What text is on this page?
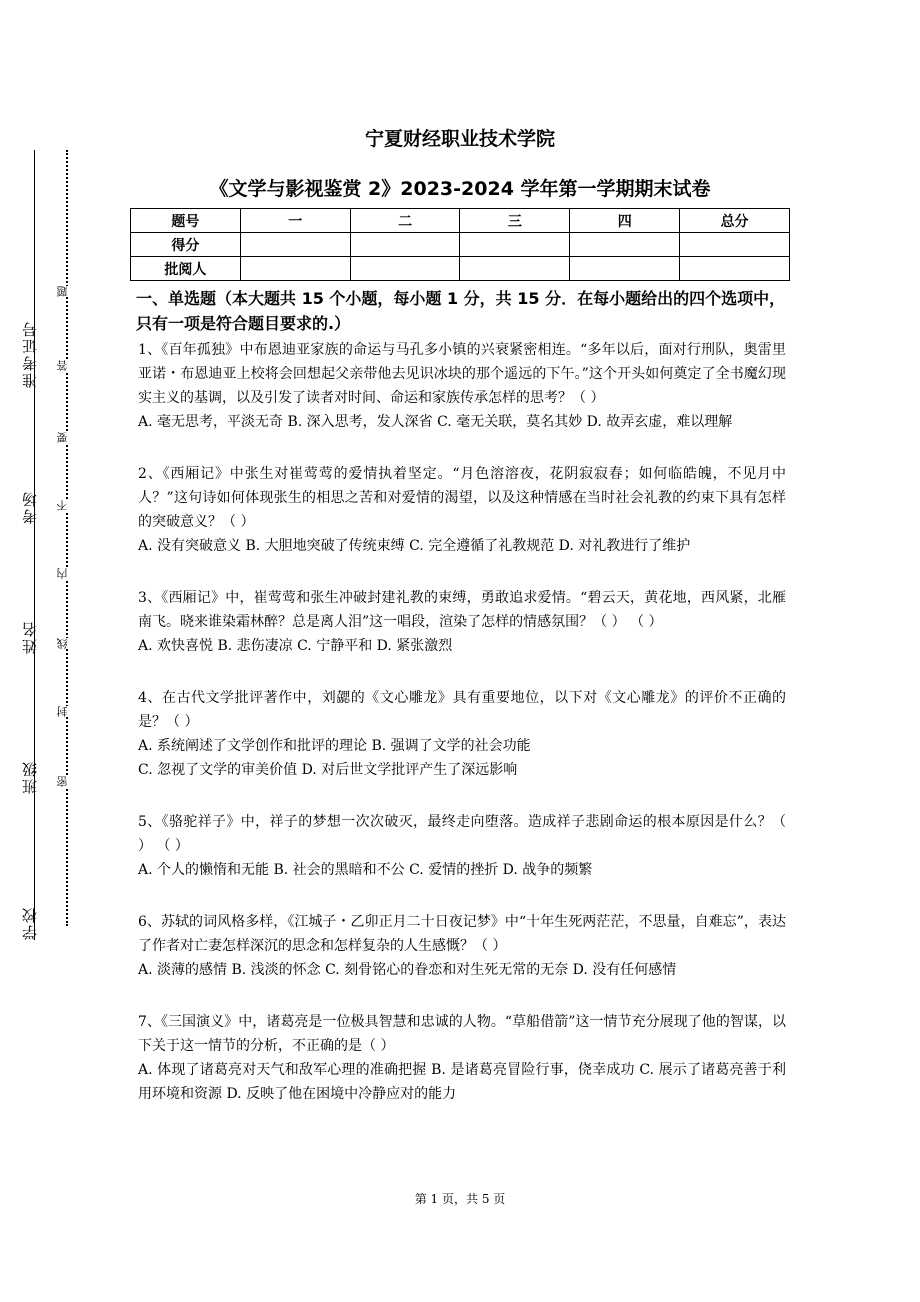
准考证号
考场
姓名
班级
学校
题
答
要
不
内
线
封
密
宁夏财经职业技术学院
《文学与影视鉴赏 2》2023-2024 学年第一学期期末试卷
题号	一	二	三	四	总分
得分					
批阅人					
一、单选题（本大题共 15 个小题，每小题 1 分，共 15 分．在每小题给出的四个选项中，只有一项是符合题目要求的.）
1、《百年孤独》中布恩迪亚家族的命运与马孔多小镇的兴衰紧密相连。“多年以后，面对行刑队，奥雷里亚诺・布恩迪亚上校将会回想起父亲带他去见识冰块的那个遥远的下午。”这个开头如何奠定了全书魔幻现实主义的基调，以及引发了读者对时间、命运和家族传承怎样的思考？（ ）
A. 毫无思考，平淡无奇 B. 深入思考，发人深省 C. 毫无关联，莫名其妙 D. 故弄玄虚，难以理解
2、《西厢记》中张生对崔莺莺的爱情执着坚定。“月色溶溶夜，花阴寂寂春；如何临皓魄，不见月中人？”这句诗如何体现张生的相思之苦和对爱情的渴望，以及这种情感在当时社会礼教的约束下具有怎样的突破意义？（ ）
A. 没有突破意义 B. 大胆地突破了传统束缚 C. 完全遵循了礼教规范 D. 对礼教进行了维护
3、《西厢记》中，崔莺莺和张生冲破封建礼教的束缚，勇敢追求爱情。“碧云天，黄花地，西风紧，北雁南飞。晓来谁染霜林醉？总是离人泪”这一唱段，渲染了怎样的情感氛围？（ ） （ ）
A. 欢快喜悦 B. 悲伤凄凉 C. 宁静平和 D. 紧张激烈
4、在古代文学批评著作中，刘勰的《文心雕龙》具有重要地位，以下对《文心雕龙》的评价不正确的是？（ ）
A. 系统阐述了文学创作和批评的理论 B. 强调了文学的社会功能
C. 忽视了文学的审美价值 D. 对后世文学批评产生了深远影响
5、《骆驼祥子》中，祥子的梦想一次次破灭，最终走向堕落。造成祥子悲剧命运的根本原因是什么？（ ） （ ）
A. 个人的懒惰和无能 B. 社会的黑暗和不公 C. 爱情的挫折 D. 战争的频繁
6、苏轼的词风格多样，《江城子・乙卯正月二十日夜记梦》中“十年生死两茫茫，不思量，自难忘”，表达了作者对亡妻怎样深沉的思念和怎样复杂的人生感慨？（ ）
A. 淡薄的感情 B. 浅淡的怀念 C. 刻骨铭心的眷恋和对生死无常的无奈 D. 没有任何感情
7、《三国演义》中，诸葛亮是一位极具智慧和忠诚的人物。“草船借箭”这一情节充分展现了他的智谋，以下关于这一情节的分析，不正确的是（ ）
A. 体现了诸葛亮对天气和敌军心理的准确把握 B. 是诸葛亮冒险行事，侥幸成功 C. 展示了诸葛亮善于利用环境和资源 D. 反映了他在困境中冷静应对的能力
第 1 页，共 5 页
